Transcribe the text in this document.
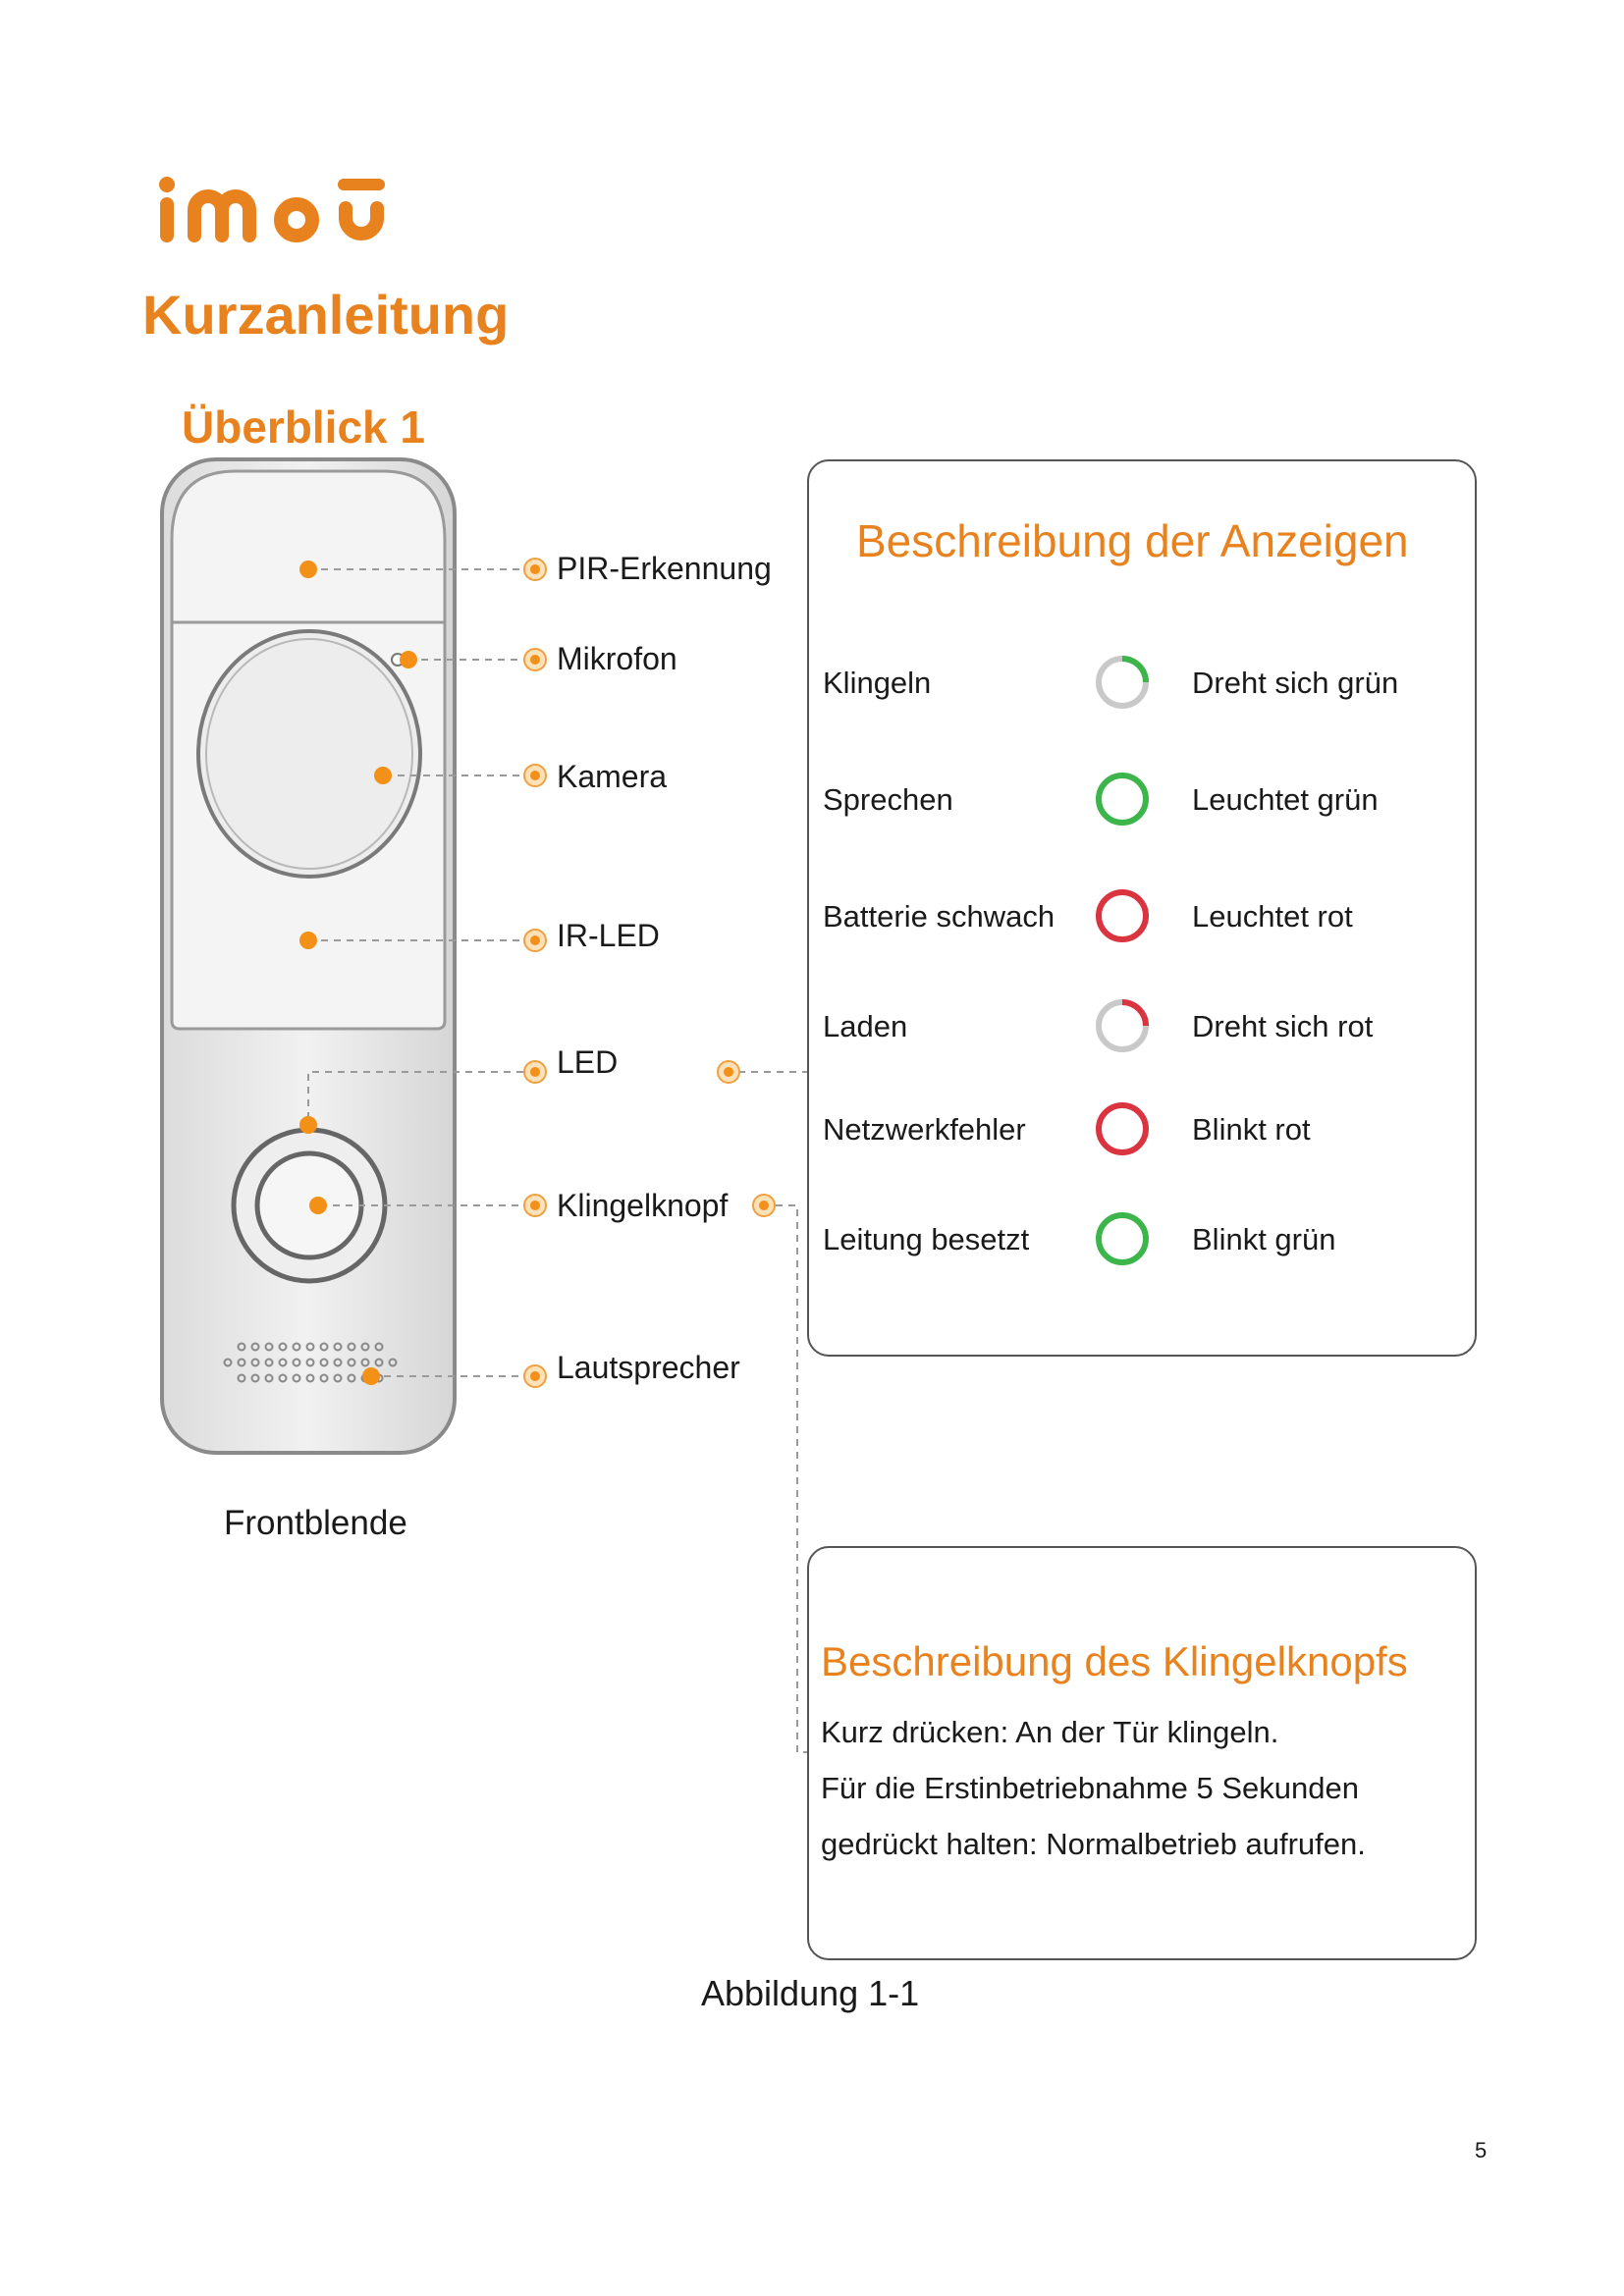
Kurzanleitung
Überblick 1
PIR-Erkennung
Mikrofon
Kamera
IR-LED
LED
Klingelknopf
Lautsprecher
Frontblende
Beschreibung der Anzeigen
Klingeln	Dreht sich grün
Sprechen	Leuchtet grün
Batterie schwach	Leuchtet rot
Laden	Dreht sich rot
Netzwerkfehler	Blinkt rot
Leitung besetzt	Blinkt grün
Beschreibung des Klingelknopfs
Kurz drücken: An der Tür klingeln.
Für die Erstinbetriebnahme 5 Sekunden
gedrückt halten: Normalbetrieb aufrufen.
Abbildung 1-1
5
